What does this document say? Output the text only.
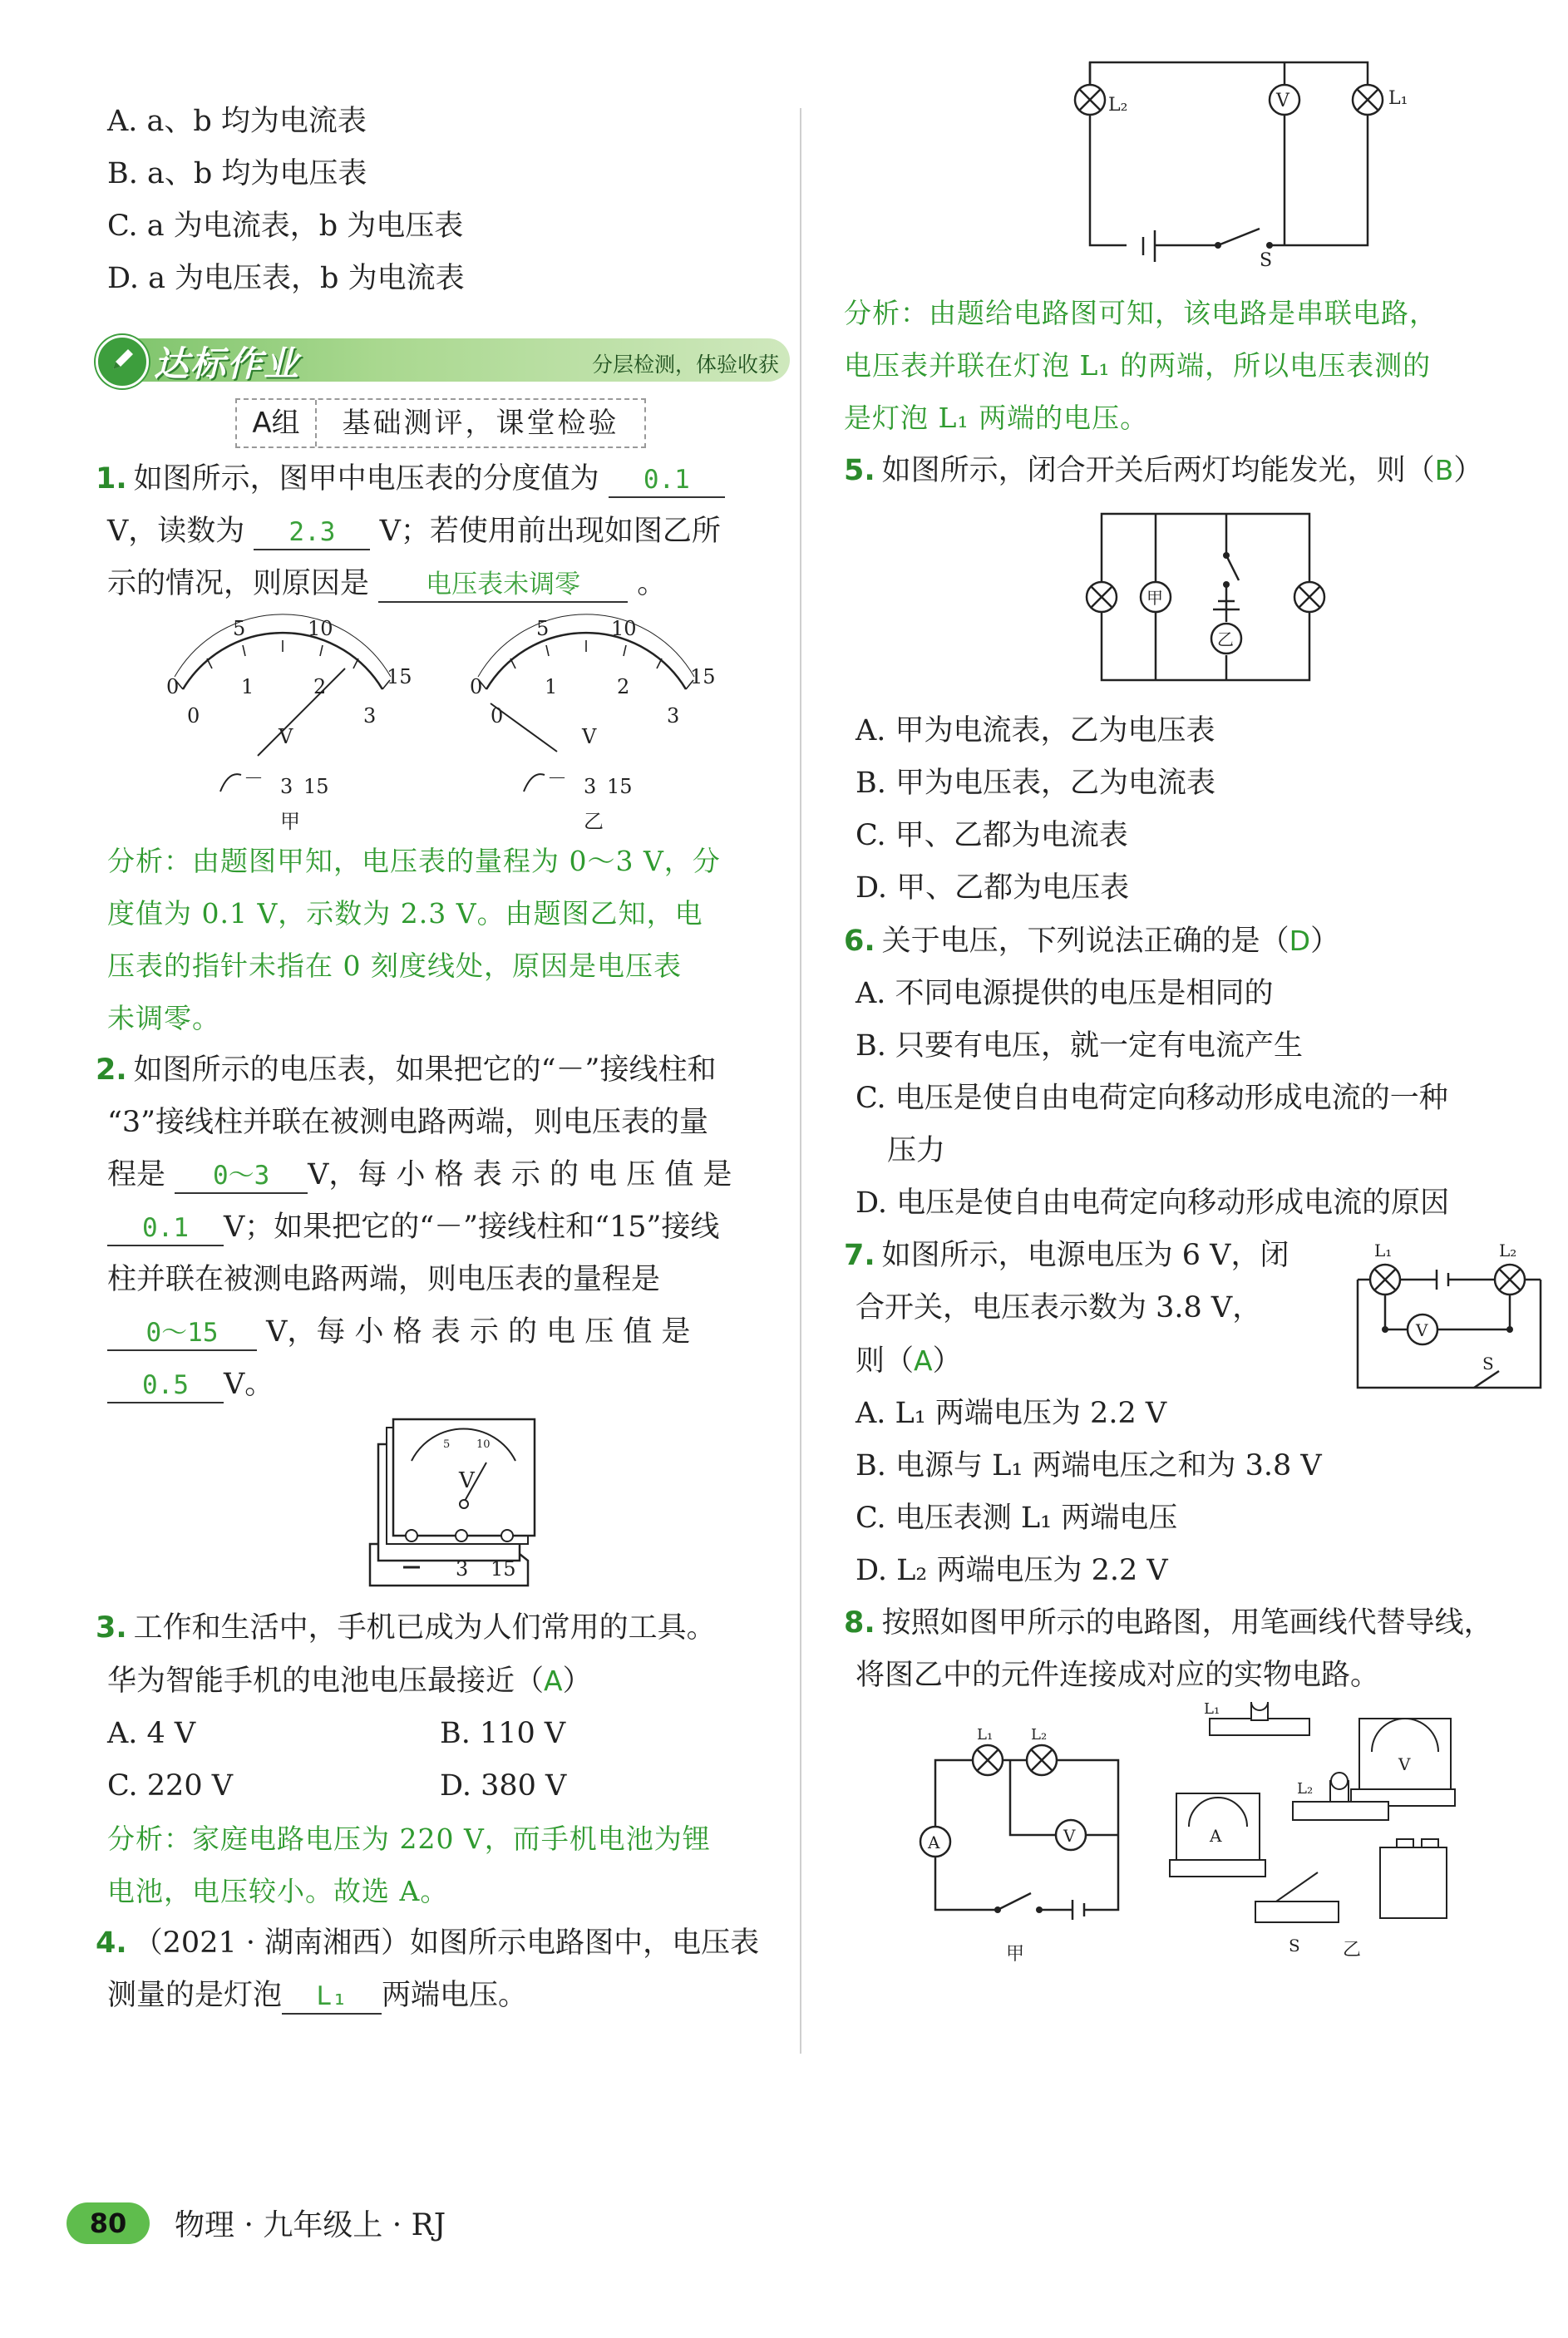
A. a、b 均为电流表
B. a、b 均为电压表
C. a 为电流表，b 为电压表
D. a 为电压表，b 为电流表
达标作业	分层检测，体验收获
A组	基础测评，课堂检验
1. 如图所示，图甲中电压表的分度值为 0.1
V，读数为 2.3 V；若使用前出现如图乙所
示的情况，则原因是 电压表未调零 。
5	10
15
0	1	2
3
0
V
－ 3 15
甲
5	10
15
0	1	2
3
0
V
－ 3 15
乙
分析：由题图甲知，电压表的量程为 0～3 V，分
度值为 0.1 V，示数为 2.3 V。由题图乙知，电
压表的指针未指在 0 刻度线处，原因是电压表
未调零。
2. 如图所示的电压表，如果把它的“－”接线柱和
“3”接线柱并联在被测电路两端，则电压表的量
程是 0～3 V，每 小 格 表 示 的 电 压 值 是
0.1 V；如果把它的“－”接线柱和“15”接线
柱并联在被测电路两端，则电压表的量程是
0～15 V，每 小 格 表 示 的 电 压 值 是
0.5 V。
V
5 10
3 15
3. 工作和生活中，手机已成为人们常用的工具。
华为智能手机的电池电压最接近（A）
A. 4 V	B. 110 V
C. 220 V	D. 380 V
分析：家庭电路电压为 220 V，而手机电池为锂
电池，电压较小。故选 A。
4. （2021 · 湖南湘西）如图所示电路图中，电压表
测量的是灯泡 L₁ 两端电压。
V
L₂	L₁
S
分析：由题给电路图可知，该电路是串联电路，
电压表并联在灯泡 L₁ 的两端，所以电压表测的
是灯泡 L₁ 两端的电压。
5. 如图所示，闭合开关后两灯均能发光，则（B）
甲
乙
A. 甲为电流表，乙为电压表
B. 甲为电压表，乙为电流表
C. 甲、乙都为电流表
D. 甲、乙都为电压表
6. 关于电压，下列说法正确的是（D）
A. 不同电源提供的电压是相同的
B. 只要有电压，就一定有电流产生
C. 电压是使自由电荷定向移动形成电流的一种
压力
D. 电压是使自由电荷定向移动形成电流的原因
7. 如图所示，电源电压为 6 V，闭
合开关，电压表示数为 3.8 V，
则（A）
V
L₁	L₂
S
A. L₁ 两端电压为 2.2 V
B. 电源与 L₁ 两端电压之和为 3.8 V
C. 电压表测 L₁ 两端电压
D. L₂ 两端电压为 2.2 V
8. 按照如图甲所示的电路图，用笔画线代替导线，
将图乙中的元件连接成对应的实物电路。
A	V
L₁	L₂
甲
L₁
L₂
V
A
S 乙
80	物理 · 九年级上 · RJ
